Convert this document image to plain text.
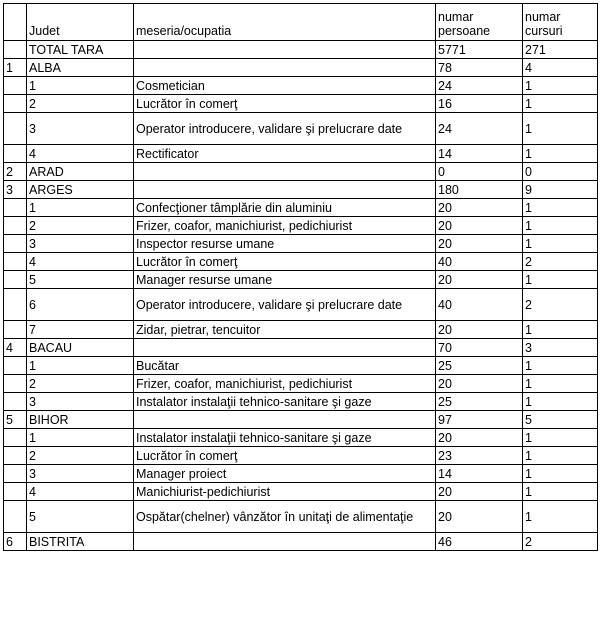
	Judet	meseria/ocupatia	numar persoane	numar cursuri
	TOTAL TARA		5771	271
1	ALBA		78	4
	1	Cosmetician	24	1
	2	Lucrător în comerţ	16	1
	3	Operator introducere, validare şi prelucrare date	24	1
	4	Rectificator	14	1
2	ARAD		0	0
3	ARGES		180	9
	1	Confecţioner tâmplărie din aluminiu	20	1
	2	Frizer, coafor, manichiurist, pedichiurist	20	1
	3	Inspector resurse umane	20	1
	4	Lucrător în comerţ	40	2
	5	Manager resurse umane	20	1
	6	Operator introducere, validare şi prelucrare date	40	2
	7	Zidar, pietrar, tencuitor	20	1
4	BACAU		70	3
	1	Bucătar	25	1
	2	Frizer, coafor, manichiurist, pedichiurist	20	1
	3	Instalator instalaţii tehnico-sanitare şi gaze	25	1
5	BIHOR		97	5
	1	Instalator instalaţii tehnico-sanitare şi gaze	20	1
	2	Lucrător în comerţ	23	1
	3	Manager proiect	14	1
	4	Manichiurist-pedichiurist	20	1
	5	Ospătar(chelner) vânzător în unitaţi de alimentaţie	20	1
6	BISTRITA		46	2
